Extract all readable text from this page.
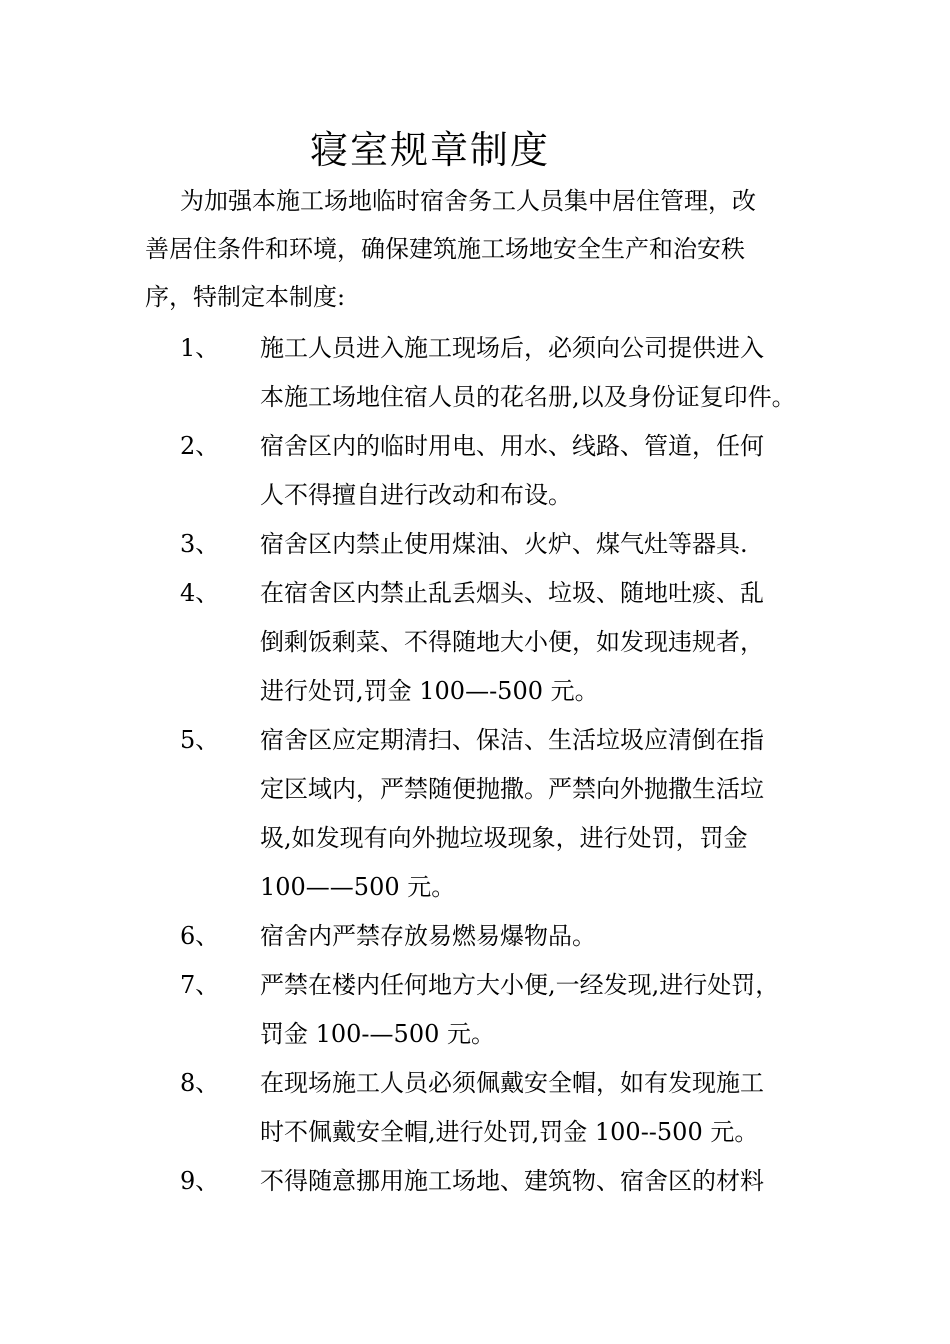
寝室规章制度

为加强本施工场地临时宿舍务工人员集中居住管理，改

善居住条件和环境，确保建筑施工场地安全生产和治安秩

序，特制定本制度:

1、	施工人员进入施工现场后，必须向公司提供进入
本施工场地住宿人员的花名册,以及身份证复印件。
2、	宿舍区内的临时用电、用水、线路、管道，任何
人不得擅自进行改动和布设。
3、	宿舍区内禁止使用煤油、火炉、煤气灶等器具.
4、	在宿舍区内禁止乱丢烟头、垃圾、随地吐痰、乱
倒剩饭剩菜、不得随地大小便，如发现违规者，
进行处罚,罚金 100—-500 元。
5、	宿舍区应定期清扫、保洁、生活垃圾应清倒在指
定区域内，严禁随便抛撒。严禁向外抛撒生活垃
圾,如发现有向外抛垃圾现象，进行处罚，罚金
100——500 元。
6、	宿舍内严禁存放易燃易爆物品。
7、	严禁在楼内任何地方大小便,一经发现,进行处罚，
罚金 100-—500 元。
8、	在现场施工人员必须佩戴安全帽，如有发现施工
时不佩戴安全帽,进行处罚,罚金 100--500 元。
9、	不得随意挪用施工场地、建筑物、宿舍区的材料
